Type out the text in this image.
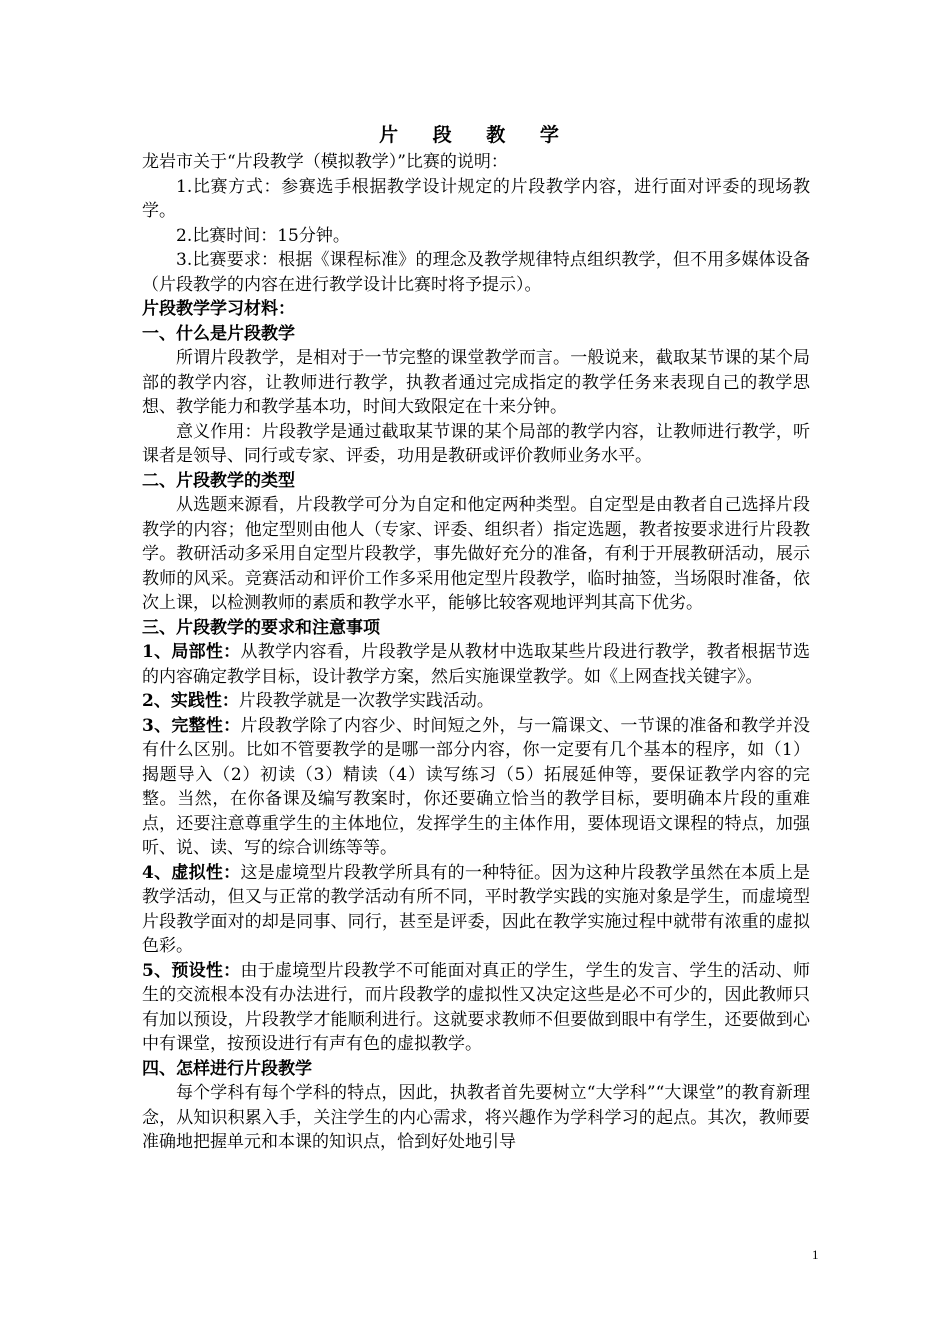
片 段 教 学

龙岩市关于“片段教学（模拟教学）”比赛的说明：

1.比赛方式：参赛选手根据教学设计规定的片段教学内容，进行面对评委的现场教学。

2.比赛时间：15分钟。

3.比赛要求：根据《课程标准》的理念及教学规律特点组织教学，但不用多媒体设备（片段教学的内容在进行教学设计比赛时将予提示）。

片段教学学习材料：

一、什么是片段教学

所谓片段教学，是相对于一节完整的课堂教学而言。一般说来，截取某节课的某个局部的教学内容，让教师进行教学，执教者通过完成指定的教学任务来表现自己的教学思想、教学能力和教学基本功，时间大致限定在十来分钟。

意义作用：片段教学是通过截取某节课的某个局部的教学内容，让教师进行教学，听课者是领导、同行或专家、评委，功用是教研或评价教师业务水平。

二、片段教学的类型

从选题来源看，片段教学可分为自定和他定两种类型。自定型是由教者自己选择片段教学的内容；他定型则由他人（专家、评委、组织者）指定选题，教者按要求进行片段教学。教研活动多采用自定型片段教学，事先做好充分的准备，有利于开展教研活动，展示教师的风采。竞赛活动和评价工作多采用他定型片段教学，临时抽签，当场限时准备，依次上课，以检测教师的素质和教学水平，能够比较客观地评判其高下优劣。

三、片段教学的要求和注意事项

1、局部性：从教学内容看，片段教学是从教材中选取某些片段进行教学，教者根据节选的内容确定教学目标，设计教学方案，然后实施课堂教学。如《上网查找关键字》。

2、实践性：片段教学就是一次教学实践活动。

3、完整性：片段教学除了内容少、时间短之外，与一篇课文、一节课的准备和教学并没有什么区别。比如不管要教学的是哪一部分内容，你一定要有几个基本的程序，如（1）揭题导入（2）初读（3）精读（4）读写练习（5）拓展延伸等，要保证教学内容的完整。当然，在你备课及编写教案时，你还要确立恰当的教学目标，要明确本片段的重难点，还要注意尊重学生的主体地位，发挥学生的主体作用，要体现语文课程的特点，加强听、说、读、写的综合训练等等。

4、虚拟性：这是虚境型片段教学所具有的一种特征。因为这种片段教学虽然在本质上是教学活动，但又与正常的教学活动有所不同，平时教学实践的实施对象是学生，而虚境型片段教学面对的却是同事、同行，甚至是评委，因此在教学实施过程中就带有浓重的虚拟色彩。

5、预设性：由于虚境型片段教学不可能面对真正的学生，学生的发言、学生的活动、师生的交流根本没有办法进行，而片段教学的虚拟性又决定这些是必不可少的，因此教师只有加以预设，片段教学才能顺利进行。这就要求教师不但要做到眼中有学生，还要做到心中有课堂，按预设进行有声有色的虚拟教学。

四、怎样进行片段教学

每个学科有每个学科的特点，因此，执教者首先要树立“大学科”“大课堂”的教育新理念，从知识积累入手，关注学生的内心需求，将兴趣作为学科学习的起点。其次，教师要准确地把握单元和本课的知识点，恰到好处地引导

1
